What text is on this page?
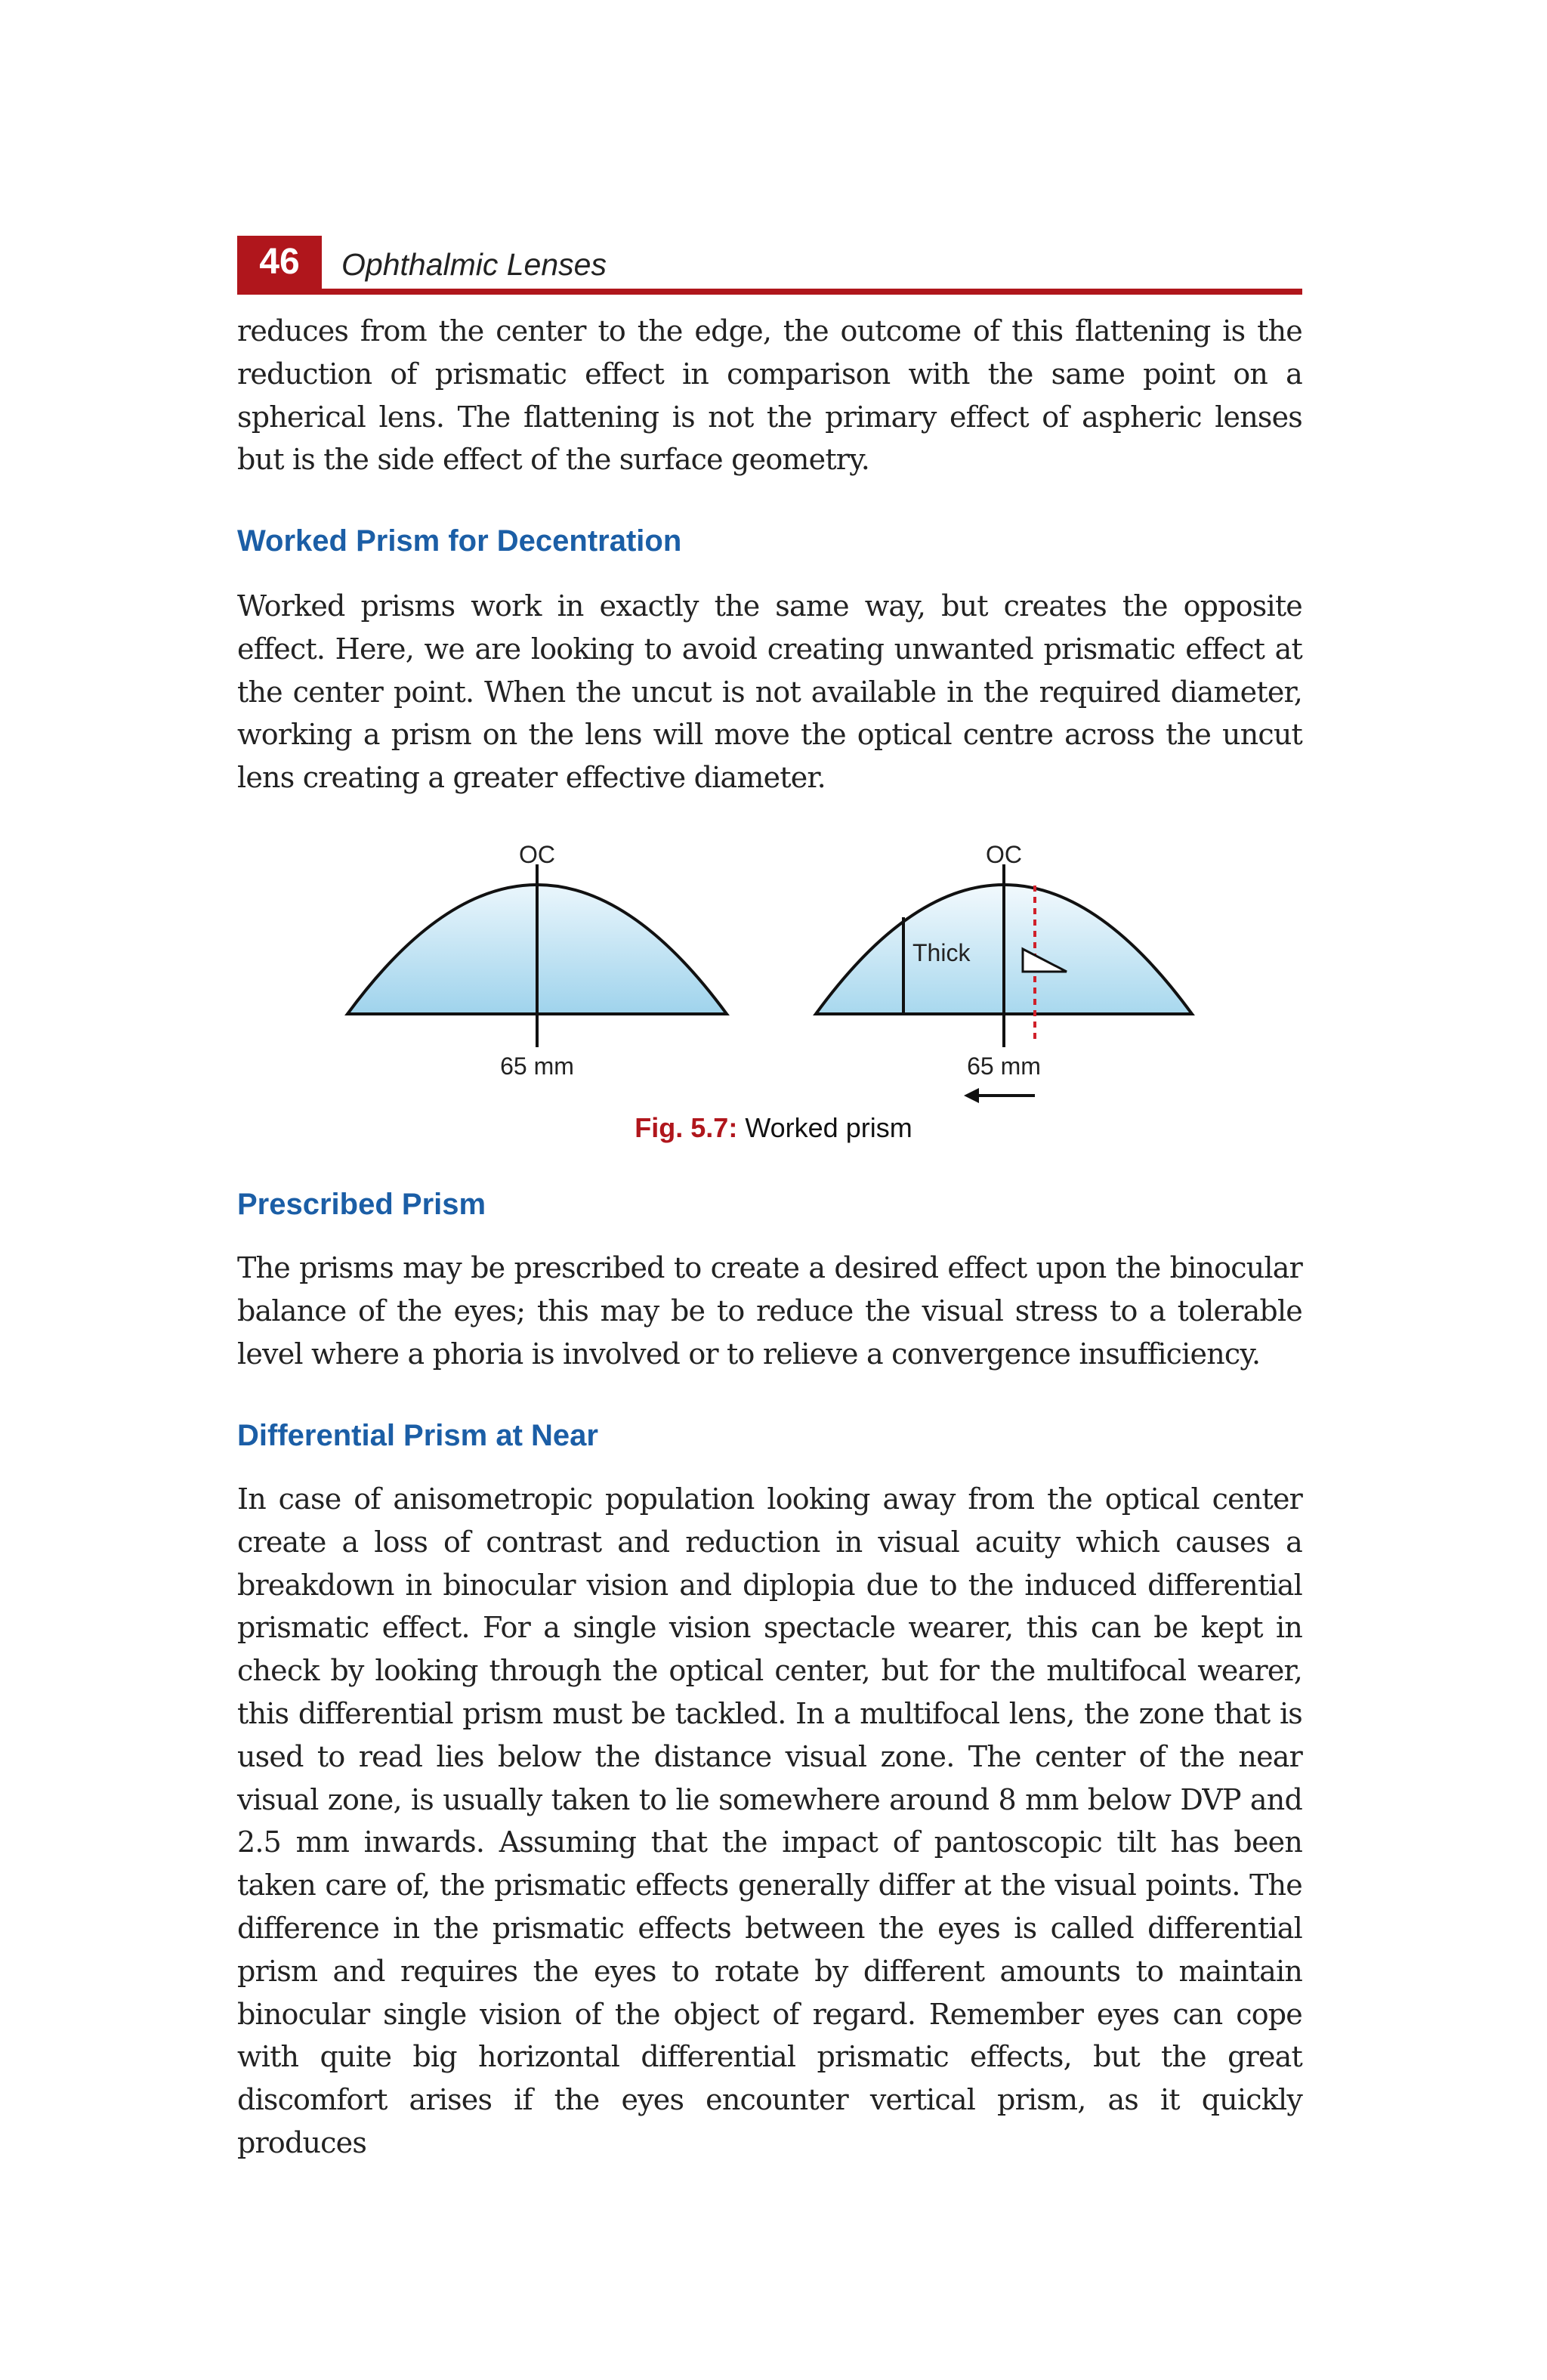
46	Ophthalmic Lenses

reduces from the center to the edge, the outcome of this flattening is the reduction of prismatic effect in comparison with the same point on a spherical lens. The flattening is not the primary effect of aspheric lenses but is the side effect of the surface geometry.

Worked Prism for Decentration

Worked prisms work in exactly the same way, but creates the opposite effect. Here, we are looking to avoid creating unwanted prismatic effect at the center point. When the uncut is not available in the required diameter, working a prism on the lens will move the optical centre across the uncut lens creating a greater effective diameter.

OC
65 mm
Thick
OC
65 mm
Fig. 5.7: Worked prism
Prescribed Prism

The prisms may be prescribed to create a desired effect upon the binocular balance of the eyes; this may be to reduce the visual stress to a tolerable level where a phoria is involved or to relieve a convergence insufficiency.

Differential Prism at Near

In case of anisometropic population looking away from the optical center create a loss of contrast and reduction in visual acuity which causes a breakdown in binocular vision and diplopia due to the induced differential prismatic effect. For a single vision spectacle wearer, this can be kept in check by looking through the optical center, but for the multifocal wearer, this differential prism must be tackled. In a multifocal lens, the zone that is used to read lies below the distance visual zone. The center of the near visual zone, is usually taken to lie somewhere around 8 mm below DVP and 2.5 mm inwards. Assuming that the impact of pantoscopic tilt has been taken care of, the prismatic effects generally differ at the visual points. The difference in the prismatic effects between the eyes is called differential prism and requires the eyes to rotate by different amounts to maintain binocular single vision of the object of regard. Remember eyes can cope with quite big horizontal differential prismatic effects, but the great discomfort arises if the eyes encounter vertical prism, as it quickly produces
